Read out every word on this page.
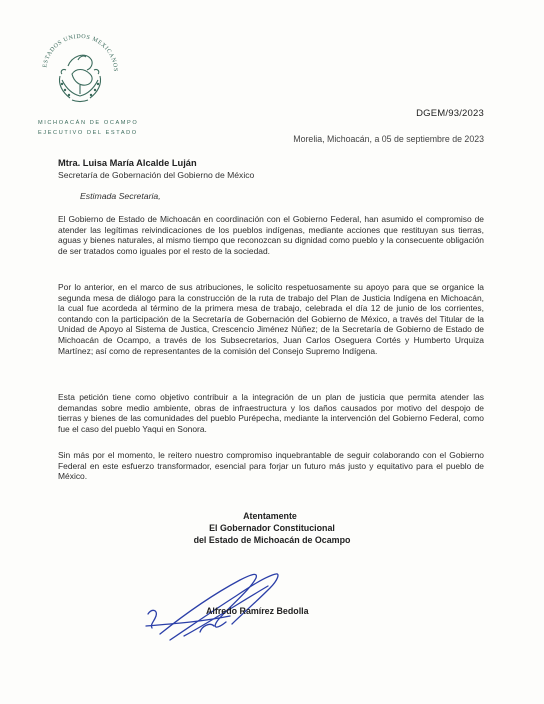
ESTADOS UNIDOS MEXICANOS
MICHOACÁN DE OCAMPO
EJECUTIVO DEL ESTADO
DGEM/93/2023
Morelia, Michoacán, a 05 de septiembre de 2023
Mtra. Luisa María Alcalde Luján
Secretaría de Gobernación del Gobierno de México
Estimada Secretaria,
El Gobierno de Estado de Michoacán en coordinación con el Gobierno Federal, han asumido el compromiso de atender las legítimas reivindicaciones de los pueblos indígenas, mediante acciones que restituyan sus tierras, aguas y bienes naturales, al mismo tiempo que reconozcan su dignidad como pueblo y la consecuente obligación de ser tratados como iguales por el resto de la sociedad.
Por lo anterior, en el marco de sus atribuciones, le solicito respetuosamente su apoyo para que se organice la segunda mesa de diálogo para la construcción de la ruta de trabajo del Plan de Justicia Indígena en Michoacán, la cual fue acordeda al término de la primera mesa de trabajo, celebrada el día 12 de junio de los corrientes, contando con la participación de la Secretaría de Gobernación del Gobierno de México, a través del Titular de la Unidad de Apoyo al Sistema de Justica, Crescencio Jiménez Núñez; de la Secretaría de Gobierno de Estado de Michoacán de Ocampo, a través de los Subsecretarios, Juan Carlos Oseguera Cortés y Humberto Urquiza Martínez; así como de representantes de la comisión del Consejo Supremo Indígena.
Esta petición tiene como objetivo contribuir a la integración de un plan de justicia que permita atender las demandas sobre medio ambiente, obras de infraestructura y los daños causados por motivo del despojo de tierras y bienes de las comunidades del pueblo Purépecha, mediante la intervención del Gobierno Federal, como fue el caso del pueblo Yaqui en Sonora.
Sin más por el momento, le reitero nuestro compromiso inquebrantable de seguir colaborando con el Gobierno Federal en este esfuerzo transformador, esencial para forjar un futuro más justo y equitativo para el pueblo de México.
Atentamente
El Gobernador Constitucional
del Estado de Michoacán de Ocampo
Alfredo Ramírez Bedolla
